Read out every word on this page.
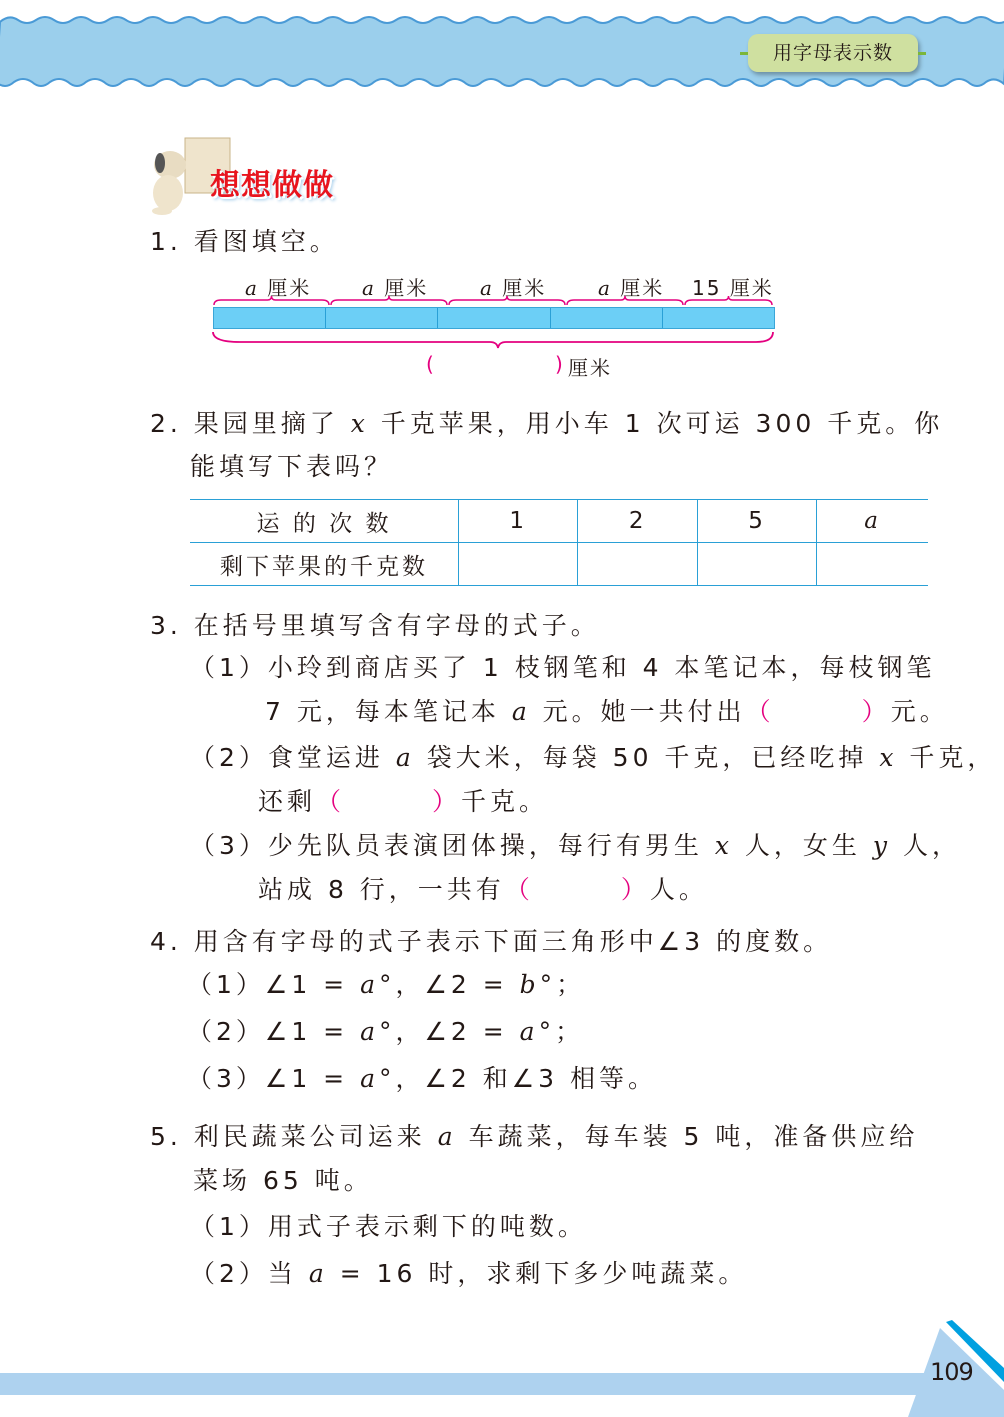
用字母表示数
想想做做
1. 看图填空。
a 厘米	a 厘米	a 厘米	a 厘米 15 厘米
(	) 厘米
2. 果园里摘了 x 千克苹果，用小车 1 次可运 300 千克。你
能填写下表吗？
运 的 次 数	1	2	5	a
剩下苹果的千克数				
3. 在括号里填写含有字母的式子。
（1）小玲到商店买了 1 枝钢笔和 4 本笔记本，每枝钢笔
7 元，每本笔记本 a 元。她一共付出（　　　）元。
（2）食堂运进 a 袋大米，每袋 50 千克，已经吃掉 x 千克，
还剩（　　　）千克。
（3）少先队员表演团体操，每行有男生 x 人，女生 y 人，
站成 8 行，一共有（　　　）人。
4. 用含有字母的式子表示下面三角形中∠3 的度数。
（1）∠1 = a°，∠2 = b°；
（2）∠1 = a°，∠2 = a°；
（3）∠1 = a°，∠2 和∠3 相等。
5. 利民蔬菜公司运来 a 车蔬菜，每车装 5 吨，准备供应给
菜场 65 吨。
（1）用式子表示剩下的吨数。
（2）当 a = 16 时，求剩下多少吨蔬菜。
109
